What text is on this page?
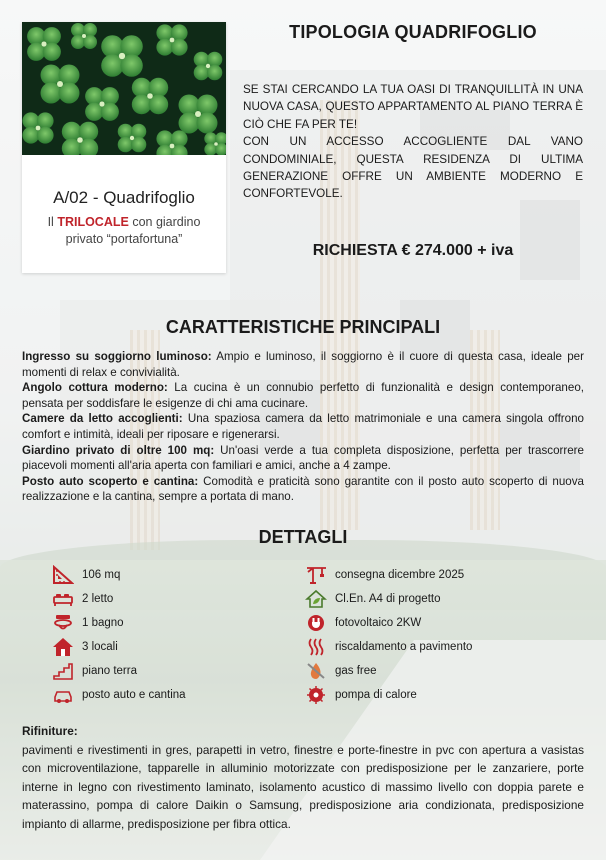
A/02 - Quadrifoglio
Il TRILOCALE con giardino privato “portafortuna”
TIPOLOGIA QUADRIFOGLIO

SE STAI CERCANDO LA TUA OASI DI TRANQUILLITÀ IN UNA NUOVA CASA, QUESTO APPARTAMENTO AL PIANO TERRA È CIÒ CHE FA PER TE!

CON UN ACCESSO ACCOGLIENTE DAL VANO CONDOMINIALE, QUESTA RESIDENZA DI ULTIMA GENERAZIONE OFFRE UN AMBIENTE MODERNO E CONFORTEVOLE.

RICHIESTA € 274.000 + iva
CARATTERISTICHE PRINCIPALI

Ingresso su soggiorno luminoso: Ampio e luminoso, il soggiorno è il cuore di questa casa, ideale per momenti di relax e convivialità.

Angolo cottura moderno: La cucina è un connubio perfetto di funzionalità e design contemporaneo, pensata per soddisfare le esigenze di chi ama cucinare.

Camere da letto accoglienti: Una spaziosa camera da letto matrimoniale e una camera singola offrono comfort e intimità, ideali per riposare e rigenerarsi.

Giardino privato di oltre 100 mq: Un'oasi verde a tua completa disposizione, perfetta per trascorrere piacevoli momenti all'aria aperta con familiari e amici, anche a 4 zampe.

Posto auto scoperto e cantina: Comodità e praticità sono garantite con il posto auto scoperto di nuova realizzazione e la cantina, sempre a portata di mano.

DETTAGLI
106 mq
2 letto
1 bagno
3 locali
piano terra
posto auto e cantina
consegna dicembre 2025
Cl.En. A4 di progetto
fotovoltaico 2KW
riscaldamento a pavimento
gas free
pompa di calore
Rifiniture:
pavimenti e rivestimenti in gres, parapetti in vetro, finestre e porte-finestre in pvc con apertura a vasistas con microventilazione, tapparelle in alluminio motorizzate con predisposizione per le zanzariere, porte interne in legno con rivestimento laminato, isolamento acustico di massimo livello con doppia parete e materassino, pompa di calore Daikin o Samsung, predisposizione aria condizionata, predisposizione impianto di allarme, predisposizione per fibra ottica.
